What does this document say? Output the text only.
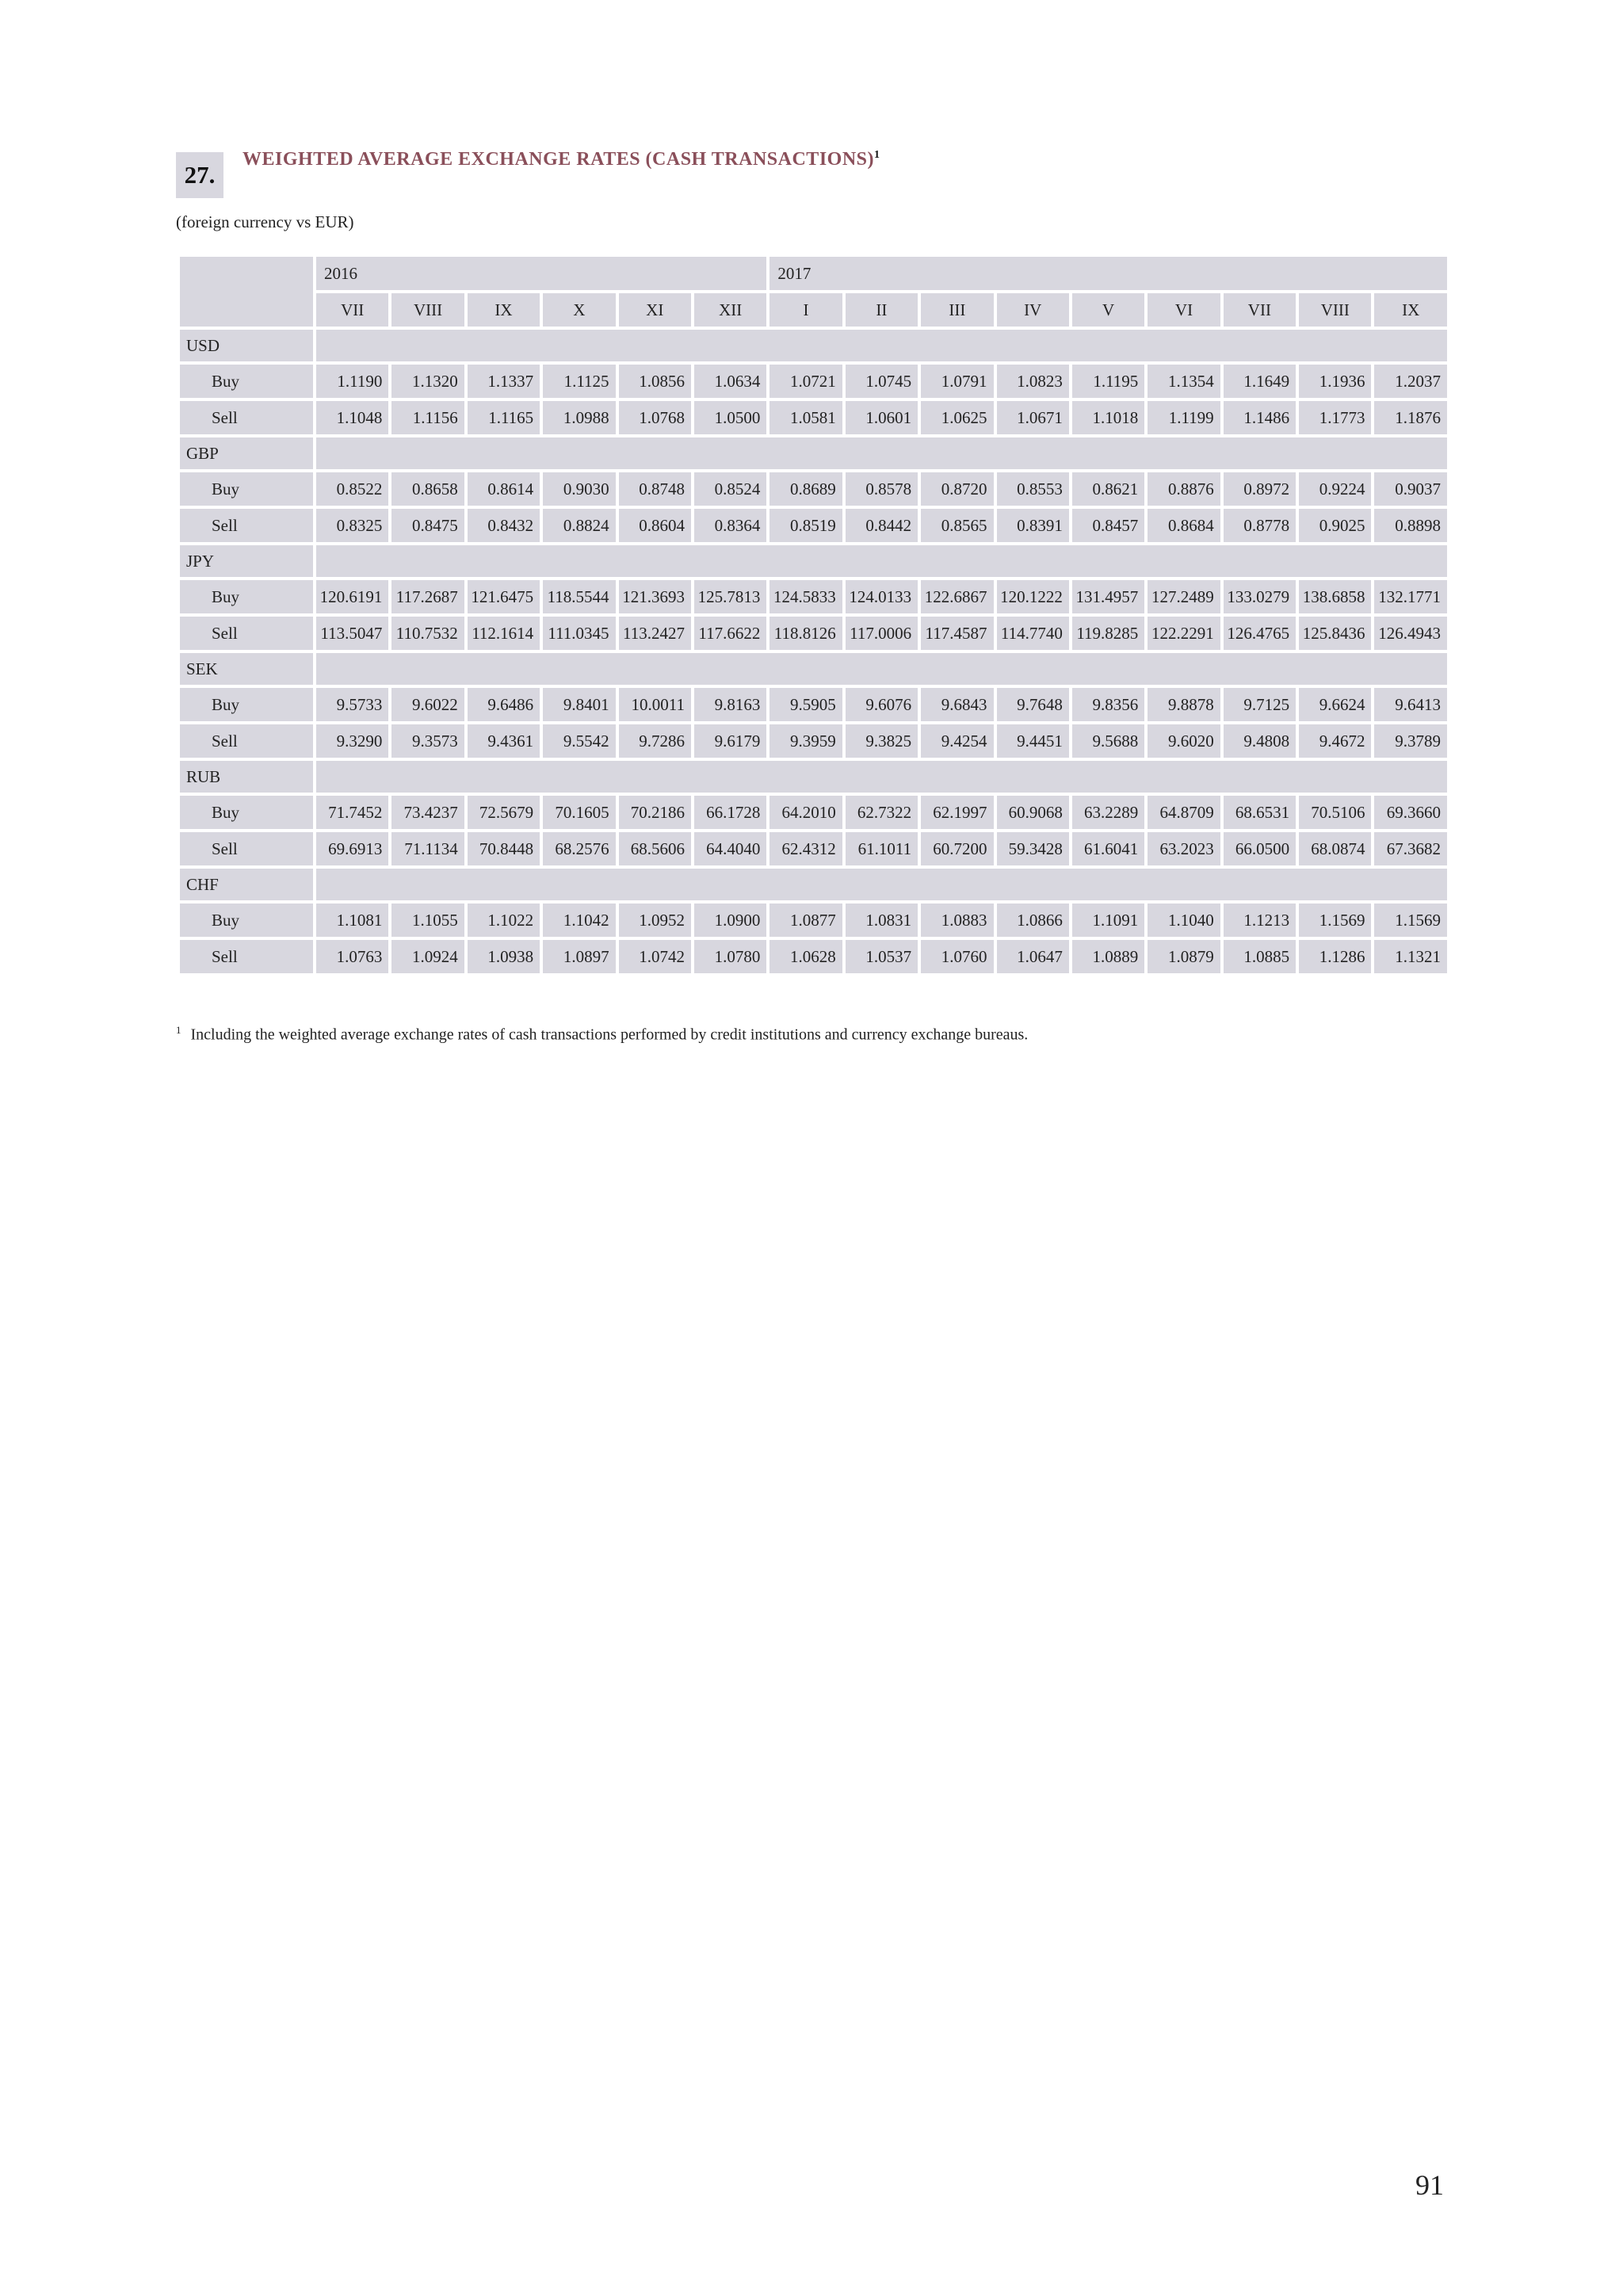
27.
WEIGHTED AVERAGE EXCHANGE RATES (CASH TRANSACTIONS)$^1$
(foreign currency vs EUR)
	2016						2017								
	VII	VIII	IX	X	XI	XII	I	II	III	IV	V	VI	VII	VIII	IX
USD															
Buy	1.1190	1.1320	1.1337	1.1125	1.0856	1.0634	1.0721	1.0745	1.0791	1.0823	1.1195	1.1354	1.1649	1.1936	1.2037
Sell	1.1048	1.1156	1.1165	1.0988	1.0768	1.0500	1.0581	1.0601	1.0625	1.0671	1.1018	1.1199	1.1486	1.1773	1.1876
GBP															
Buy	0.8522	0.8658	0.8614	0.9030	0.8748	0.8524	0.8689	0.8578	0.8720	0.8553	0.8621	0.8876	0.8972	0.9224	0.9037
Sell	0.8325	0.8475	0.8432	0.8824	0.8604	0.8364	0.8519	0.8442	0.8565	0.8391	0.8457	0.8684	0.8778	0.9025	0.8898
JPY															
Buy	120.6191	117.2687	121.6475	118.5544	121.3693	125.7813	124.5833	124.0133	122.6867	120.1222	131.4957	127.2489	133.0279	138.6858	132.1771
Sell	113.5047	110.7532	112.1614	111.0345	113.2427	117.6622	118.8126	117.0006	117.4587	114.7740	119.8285	122.2291	126.4765	125.8436	126.4943
SEK															
Buy	9.5733	9.6022	9.6486	9.8401	10.0011	9.8163	9.5905	9.6076	9.6843	9.7648	9.8356	9.8878	9.7125	9.6624	9.6413
Sell	9.3290	9.3573	9.4361	9.5542	9.7286	9.6179	9.3959	9.3825	9.4254	9.4451	9.5688	9.6020	9.4808	9.4672	9.3789
RUB															
Buy	71.7452	73.4237	72.5679	70.1605	70.2186	66.1728	64.2010	62.7322	62.1997	60.9068	63.2289	64.8709	68.6531	70.5106	69.3660
Sell	69.6913	71.1134	70.8448	68.2576	68.5606	64.4040	62.4312	61.1011	60.7200	59.3428	61.6041	63.2023	66.0500	68.0874	67.3682
CHF															
Buy	1.1081	1.1055	1.1022	1.1042	1.0952	1.0900	1.0877	1.0831	1.0883	1.0866	1.1091	1.1040	1.1213	1.1569	1.1569
Sell	1.0763	1.0924	1.0938	1.0897	1.0742	1.0780	1.0628	1.0537	1.0760	1.0647	1.0889	1.0879	1.0885	1.1286	1.1321
$^1$ Including the weighted average exchange rates of cash transactions performed by credit institutions and currency exchange bureaus.
91
